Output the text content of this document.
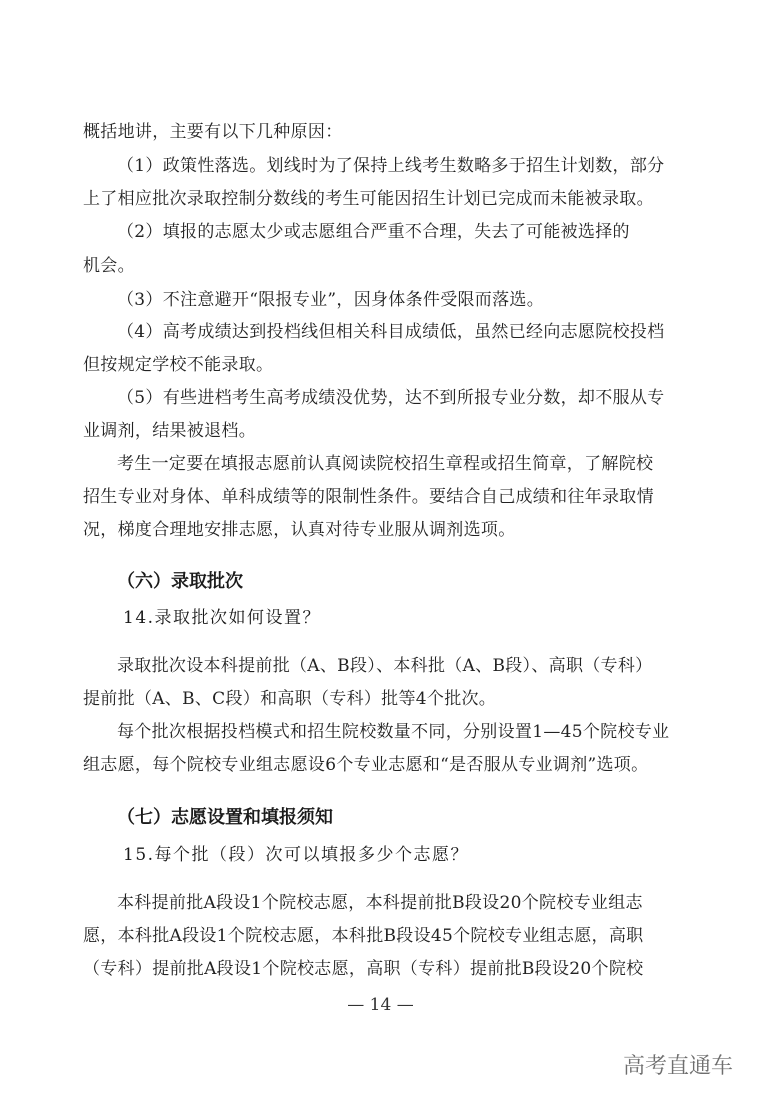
概括地讲，主要有以下几种原因：
（1）政策性落选。划线时为了保持上线考生数略多于招生计划数，部分
上了相应批次录取控制分数线的考生可能因招生计划已完成而未能被录取。
（2）填报的志愿太少或志愿组合严重不合理，失去了可能被选择的
机会。
（3）不注意避开“限报专业”，因身体条件受限而落选。
（4）高考成绩达到投档线但相关科目成绩低，虽然已经向志愿院校投档
但按规定学校不能录取。
（5）有些进档考生高考成绩没优势，达不到所报专业分数，却不服从专
业调剂，结果被退档。
考生一定要在填报志愿前认真阅读院校招生章程或招生简章，了解院校
招生专业对身体、单科成绩等的限制性条件。要结合自己成绩和往年录取情
况，梯度合理地安排志愿，认真对待专业服从调剂选项。
（六）录取批次
14.录取批次如何设置？
录取批次设本科提前批（A、B段）、本科批（A、B段）、高职（专科）
提前批（A、B、C段）和高职（专科）批等4个批次。
每个批次根据投档模式和招生院校数量不同，分别设置1—45个院校专业
组志愿，每个院校专业组志愿设6个专业志愿和“是否服从专业调剂”选项。
（七）志愿设置和填报须知
15.每个批（段）次可以填报多少个志愿？
本科提前批A段设1个院校志愿，本科提前批B段设20个院校专业组志
愿，本科批A段设1个院校志愿，本科批B段设45个院校专业组志愿，高职
（专科）提前批A段设1个院校志愿，高职（专科）提前批B段设20个院校
— 14 —
高考直通车
